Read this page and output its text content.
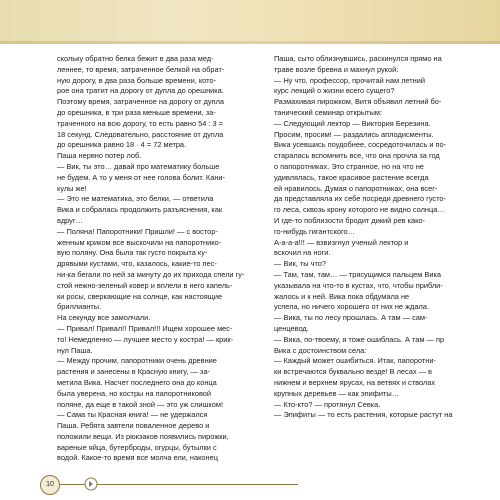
скольку обратно белка бежит в два раза мед-

леннее, то время, затраченное белкой на обрат-

ную дорогу, в два раза больше времени, кото-

рое она тратит на дорогу от дупла до орешника.

Поэтому время, затраченное на дорогу от дупла

до орешника, в три раза меньше времени, за-

траченного на всю дорогу, то есть равно 54 : 3 =

18 секунд. Следовательно, расстояние от дупла

до орешника равно 18 · 4 = 72 метра.

Паша нервно потер лоб.

— Вик, ты это… давай про математику больше

не будем. А то у меня от нее голова болит. Кани-

кулы же!

— Это не математика, это белки, — ответила

Вика и собралась продолжить разъяснения, как

вдруг…

— Поляна! Папоротники! Пришли! — с востор-

женным криком все выскочили на папоротнико-

вую поляну. Она была так густо покрыта ку-

дрявыми кустами, что, казалось, какие-то пес-

ни-ка бегали по ней за минуту до их прихода спели гу-

стой нежно-зеленый ковер и вплели в него капель-

ки росы, сверкающие на солнце, как настоящие

бриллианты.

На секунду все замолчали.

— Привал! Привал!! Привал!!! Ищем хорошее мес-

то! Немедленно — лучшее место у костра! — крик-

нул Паша.

— Между прочим, папоротники очень древние

растения и занесены в Красную книгу, — за-

метила Вика. Насчет последнего она до конца

была уверена, но костры на папоротниковой

поляне, да еще в такой зной — это уж слишком!

— Сама ты Красная книга! — не удержался

Паша. Ребята завтели поваленное дерево и

положили вещи. Из рюкзаков появились пирожки,

вареные яйца, бутерброды, огурцы, бутылки с

водой. Какое-то время все молча ели, наконец

Паша, сыто облизнувшись, раскинулся прямо на

траве возле бревна и махнул рукой:

— Ну что, профессор, прочитай нам летний

курс лекций о жизни всего сущего?

Размахивая пирожком, Витя объявил летний бо-

танический семинар открытым:

— Следующий лектор — Виктория Березина.

Просим, просим! — раздались аплодисменты.

Вика усевшись поудобнее, сосредоточилась и по-

старалась вспомнить все, что она прочла за год

о папоротниках. Это странное, но на что не

удивлялась, такое красивое растение всегда

ей нравилось. Думая о папоротниках, она всег-

да представляла их себе посреди древнего густо-

го леса, сквозь крону которого не видно солнца…

И где-то поблизости бродит дикий рев како-

го-нибудь гигантского…

А-а-а-а!!! — взвизгнул ученый лектор и

вскочил на ноги.

— Вик, ты что?

— Там, там, там… — трясущимся пальцем Вика

указывала на что-то в кустах, что, чтобы прибли-

жалось и к ней. Вика пока обдумала не

успела, но ничего хорошего от них не ждала.

— Вика, ты по лесу прошлась. А там — сам-

ценцевод.

— Вика, по-твоему, я тоже ошиблась. А там — пр

Вика с достоинством села:

— Каждый может ошибиться. Итак, папоротни-

ки встречаются буквально везде! В лесах — в

нижнем и верхнем ярусах, на ветвях и стволах

крупных деревьев — как эпифиты…

— Кто-кто? — протянул Севка.

— Эпифиты — то есть растения, которые растут на

10
